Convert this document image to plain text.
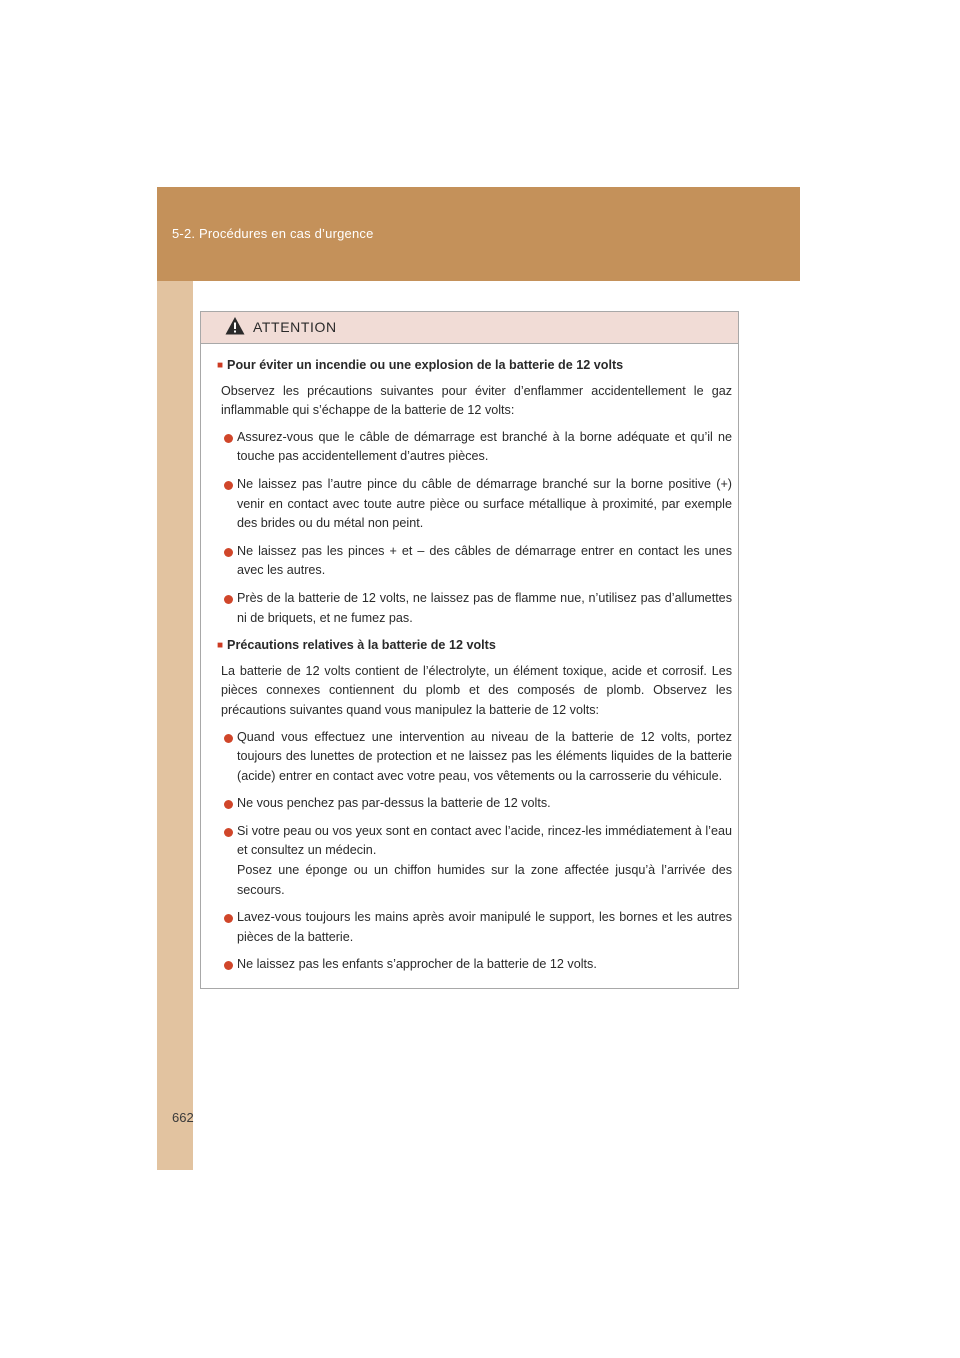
5-2. Procédures en cas d’urgence
662
ATTENTION
■ Pour éviter un incendie ou une explosion de la batterie de 12 volts

Observez les précautions suivantes pour éviter d’enflammer accidentellement le gaz inflammable qui s’échappe de la batterie de 12 volts:

Assurez-vous que le câble de démarrage est branché à la borne adéquate et qu’il ne touche pas accidentellement d’autres pièces.

Ne laissez pas l’autre pince du câble de démarrage branché sur la borne positive (+) venir en contact avec toute autre pièce ou surface métallique à proximité, par exemple des brides ou du métal non peint.

Ne laissez pas les pinces + et – des câbles de démarrage entrer en contact les unes avec les autres.

Près de la batterie de 12 volts, ne laissez pas de flamme nue, n’utilisez pas d’allumettes ni de briquets, et ne fumez pas.

■ Précautions relatives à la batterie de 12 volts

La batterie de 12 volts contient de l’électrolyte, un élément toxique, acide et corrosif. Les pièces connexes contiennent du plomb et des composés de plomb. Observez les précautions suivantes quand vous manipulez la batterie de 12 volts:

Quand vous effectuez une intervention au niveau de la batterie de 12 volts, portez toujours des lunettes de protection et ne laissez pas les éléments liquides de la batterie (acide) entrer en contact avec votre peau, vos vêtements ou la carrosserie du véhicule.

Ne vous penchez pas par-dessus la batterie de 12 volts.

Si votre peau ou vos yeux sont en contact avec l’acide, rincez-les immédiatement à l’eau et consultez un médecin.

Posez une éponge ou un chiffon humides sur la zone affectée jusqu’à l’arrivée des secours.

Lavez-vous toujours les mains après avoir manipulé le support, les bornes et les autres pièces de la batterie.

Ne laissez pas les enfants s’approcher de la batterie de 12 volts.
